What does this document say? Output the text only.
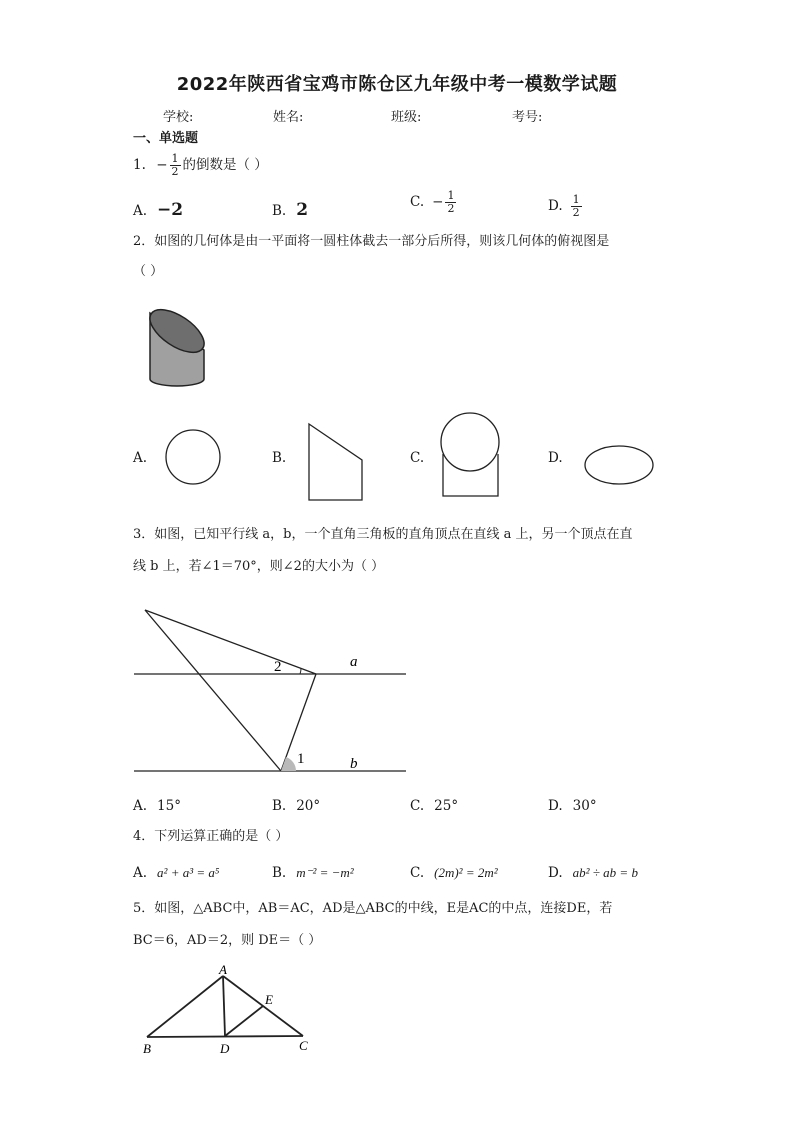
2022年陕西省宝鸡市陈仓区九年级中考一模数学试题
学校:	姓名:	班级:	考号:
一、单选题
1. − $\frac{1}{2}$ 的倒数是（ ）
A. −2	B. 2	C. − $\frac{1}{2}$	D. $\frac{1}{2}$
2．如图的几何体是由一平面将一圆柱体截去一部分后所得，则该几何体的俯视图是
（ ）
A.	B.	C.	D.
3．如图，已知平行线 a，b，一个直角三角板的直角顶点在直线 a 上，另一个顶点在直
线 b 上，若∠1＝70°，则∠2的大小为（ ）
2
1
a
b
A. 15°	B. 20°	C. 25°	D. 30°
4．下列运算正确的是（ ）
A. a² + a³ = a⁵	B. m⁻² = −m²	C. (2m)² = 2m²	D. ab² ÷ ab = b
5．如图，△ABC中，AB＝AC，AD是△ABC的中线，E是AC的中点，连接DE，若
BC＝6，AD＝2，则 DE＝（ ）
A
B	C
D
E
